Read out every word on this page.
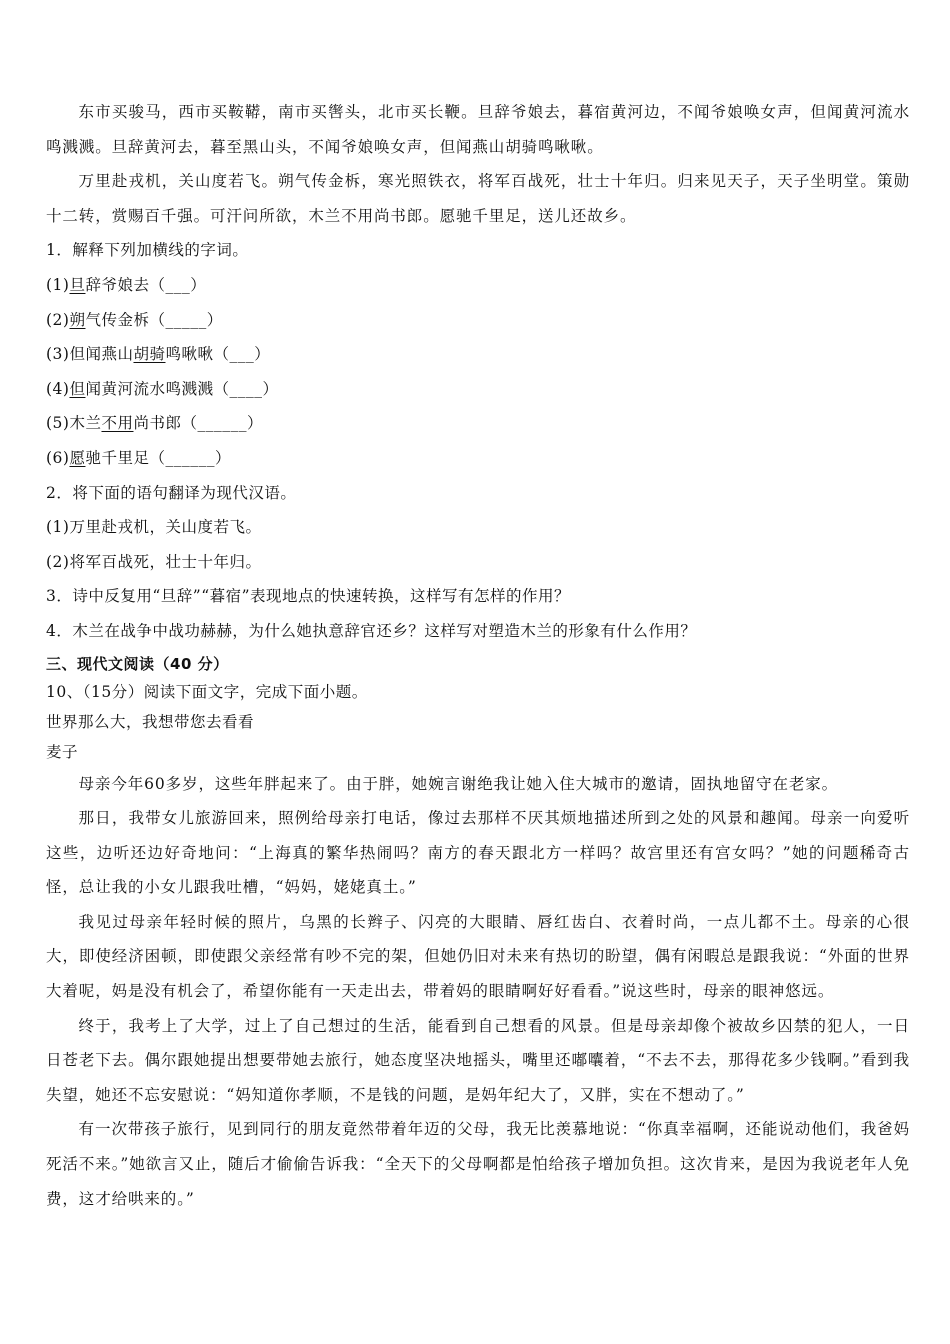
东市买骏马，西市买鞍鞯，南市买辔头，北市买长鞭。旦辞爷娘去，暮宿黄河边，不闻爷娘唤女声，但闻黄河流水鸣溅溅。旦辞黄河去，暮至黑山头，不闻爷娘唤女声，但闻燕山胡骑鸣啾啾。

万里赴戎机，关山度若飞。朔气传金柝，寒光照铁衣，将军百战死，壮士十年归。归来见天子，天子坐明堂。策勋十二转，赏赐百千强。可汗问所欲，木兰不用尚书郎。愿驰千里足，送儿还故乡。

1．解释下列加横线的字词。

(1)旦辞爷娘去（___）

(2)朔气传金柝（_____）

(3)但闻燕山胡骑鸣啾啾（___）

(4)但闻黄河流水鸣溅溅（____）

(5)木兰不用尚书郎（______）

(6)愿驰千里足（______）

2．将下面的语句翻译为现代汉语。

(1)万里赴戎机，关山度若飞。

(2)将军百战死，壮士十年归。

3．诗中反复用“旦辞”“暮宿”表现地点的快速转换，这样写有怎样的作用？

4．木兰在战争中战功赫赫，为什么她执意辞官还乡？这样写对塑造木兰的形象有什么作用？

三、现代文阅读（40 分）

10、（15分）阅读下面文字，完成下面小题。

世界那么大，我想带您去看看

麦子

母亲今年60多岁，这些年胖起来了。由于胖，她婉言谢绝我让她入住大城市的邀请，固执地留守在老家。

那日，我带女儿旅游回来，照例给母亲打电话，像过去那样不厌其烦地描述所到之处的风景和趣闻。母亲一向爱听这些，边听还边好奇地问：“上海真的繁华热闹吗？南方的春天跟北方一样吗？故宫里还有宫女吗？”她的问题稀奇古怪，总让我的小女儿跟我吐槽，“妈妈，姥姥真土。”

我见过母亲年轻时候的照片，乌黑的长辫子、闪亮的大眼睛、唇红齿白、衣着时尚，一点儿都不土。母亲的心很大，即使经济困顿，即使跟父亲经常有吵不完的架，但她仍旧对未来有热切的盼望，偶有闲暇总是跟我说：“外面的世界大着呢，妈是没有机会了，希望你能有一天走出去，带着妈的眼睛啊好好看看。”说这些时，母亲的眼神悠远。

终于，我考上了大学，过上了自己想过的生活，能看到自己想看的风景。但是母亲却像个被故乡囚禁的犯人，一日日苍老下去。偶尔跟她提出想要带她去旅行，她态度坚决地摇头，嘴里还嘟囔着，“不去不去，那得花多少钱啊。”看到我失望，她还不忘安慰说：“妈知道你孝顺，不是钱的问题，是妈年纪大了，又胖，实在不想动了。”

有一次带孩子旅行，见到同行的朋友竟然带着年迈的父母，我无比羡慕地说：“你真幸福啊，还能说动他们，我爸妈死活不来。”她欲言又止，随后才偷偷告诉我：“全天下的父母啊都是怕给孩子增加负担。这次肯来，是因为我说老年人免费，这才给哄来的。”
